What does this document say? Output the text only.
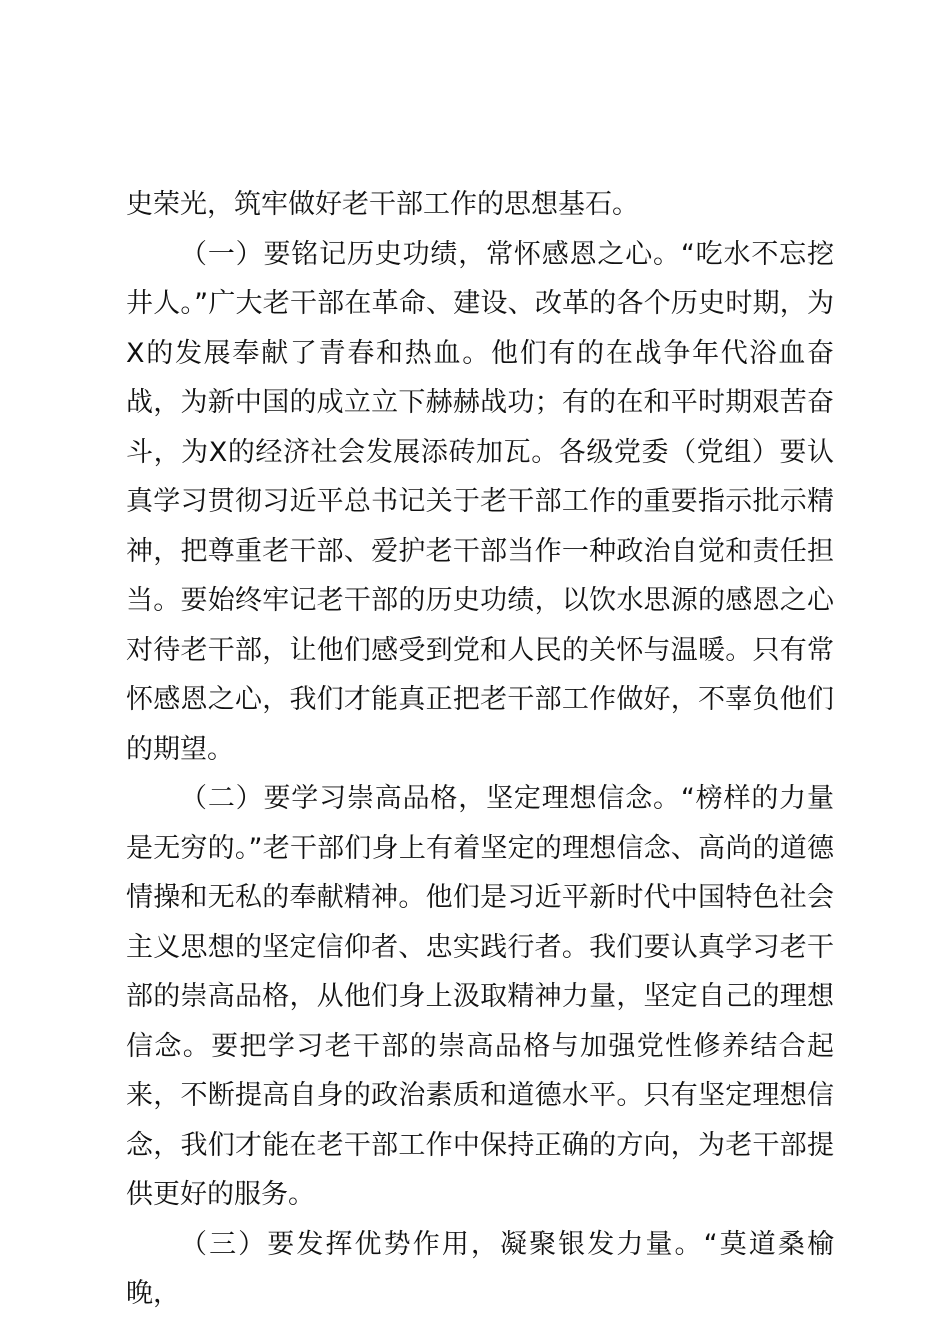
史荣光，筑牢做好老干部工作的思想基石。

（一）要铭记历史功绩，常怀感恩之心。“吃水不忘挖井人。”广大老干部在革命、建设、改革的各个历史时期，为X的发展奉献了青春和热血。他们有的在战争年代浴血奋战，为新中国的成立立下赫赫战功；有的在和平时期艰苦奋斗，为X的经济社会发展添砖加瓦。各级党委（党组）要认真学习贯彻习近平总书记关于老干部工作的重要指示批示精神，把尊重老干部、爱护老干部当作一种政治自觉和责任担当。要始终牢记老干部的历史功绩，以饮水思源的感恩之心对待老干部，让他们感受到党和人民的关怀与温暖。只有常怀感恩之心，我们才能真正把老干部工作做好，不辜负他们的期望。

（二）要学习崇高品格，坚定理想信念。“榜样的力量是无穷的。”老干部们身上有着坚定的理想信念、高尚的道德情操和无私的奉献精神。他们是习近平新时代中国特色社会主义思想的坚定信仰者、忠实践行者。我们要认真学习老干部的崇高品格，从他们身上汲取精神力量，坚定自己的理想信念。要把学习老干部的崇高品格与加强党性修养结合起来，不断提高自身的政治素质和道德水平。只有坚定理想信念，我们才能在老干部工作中保持正确的方向，为老干部提供更好的服务。

（三）要发挥优势作用，凝聚银发力量。“莫道桑榆晚，
